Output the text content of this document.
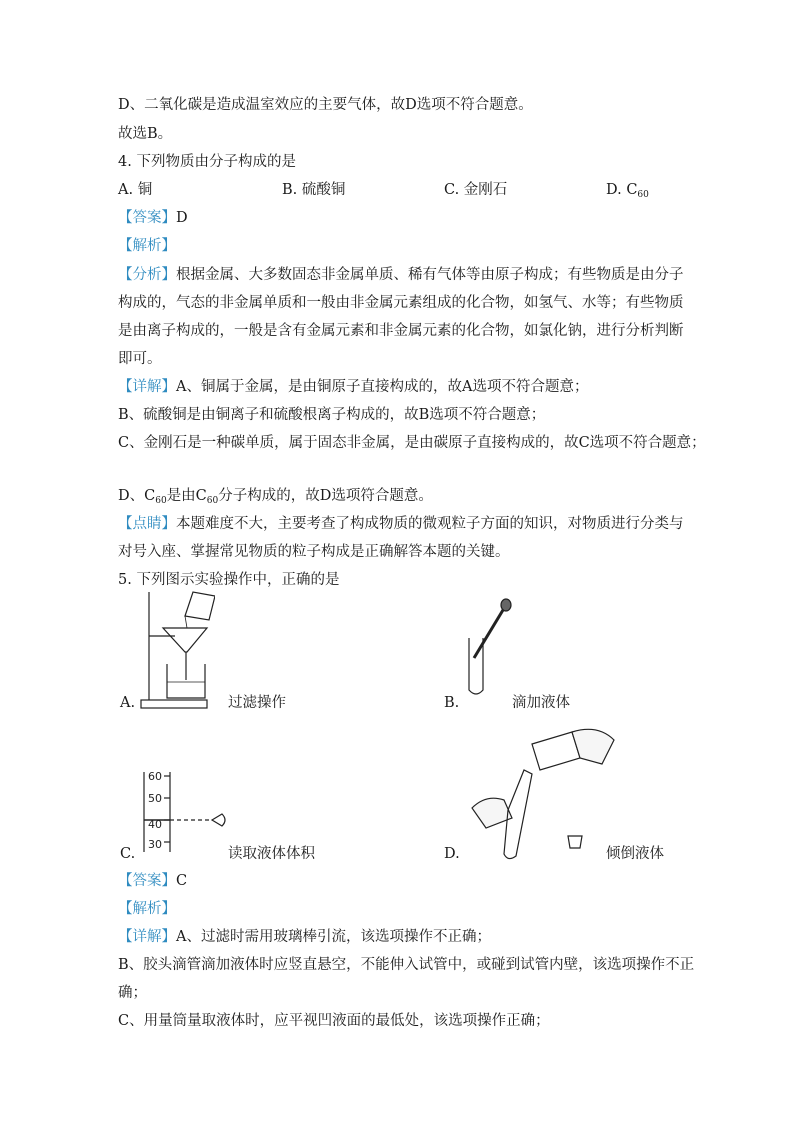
D、二氧化碳是造成温室效应的主要气体，故D选项不符合题意。
故选B。
4. 下列物质由分子构成的是
A. 铜	B. 硫酸铜	C. 金刚石	D. $C_{60}$
【答案】D
【解析】
【分析】根据金属、大多数固态非金属单质、稀有气体等由原子构成；有些物质是由分子
构成的，气态的非金属单质和一般由非金属元素组成的化合物，如氢气、水等；有些物质
是由离子构成的，一般是含有金属元素和非金属元素的化合物，如氯化钠，进行分析判断
即可。
【详解】A、铜属于金属，是由铜原子直接构成的，故A选项不符合题意；
B、硫酸铜是由铜离子和硫酸根离子构成的，故B选项不符合题意；
C、金刚石是一种碳单质，属于固态非金属，是由碳原子直接构成的，故C选项不符合题意；
D、$C_{60}$是由$C_{60}$分子构成的，故D选项符合题意。
【点睛】本题难度不大，主要考查了构成物质的微观粒子方面的知识，对物质进行分类与
对号入座、掌握常见物质的粒子构成是正确解答本题的关键。
5. 下列图示实验操作中，正确的是
A.	过滤操作	B.	滴加液体
60
50
40
30
C.	读取液体体积	D.	倾倒液体
【答案】C
【解析】
【详解】A、过滤时需用玻璃棒引流，该选项操作不正确；
B、胶头滴管滴加液体时应竖直悬空，不能伸入试管中，或碰到试管内壁，该选项操作不正
确；
C、用量筒量取液体时，应平视凹液面的最低处，该选项操作正确；
